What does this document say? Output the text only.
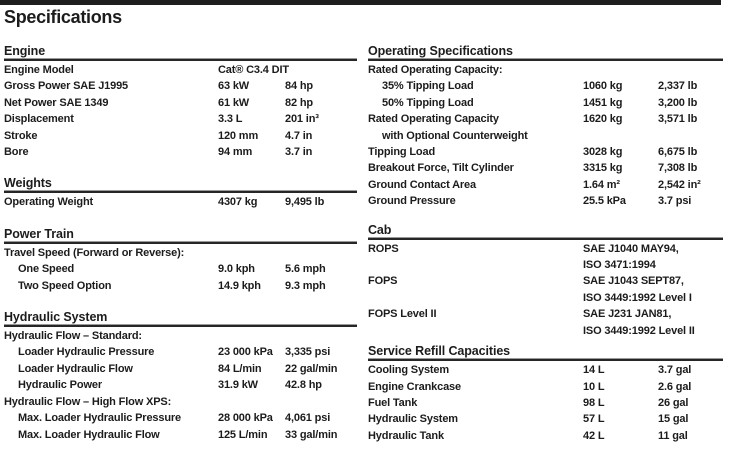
Specifications
Engine
Engine Model	Cat® C3.4 DIT
Gross Power SAE J1995	63 kW	84 hp
Net Power SAE 1349	61 kW	82 hp
Displacement	3.3 L	201 in³
Stroke	120 mm	4.7 in
Bore	94 mm	3.7 in
Weights
Operating Weight	4307 kg	9,495 lb
Power Train
Travel Speed (Forward or Reverse):
One Speed	9.0 kph	5.6 mph
Two Speed Option	14.9 kph	9.3 mph
Hydraulic System
Hydraulic Flow – Standard:
Loader Hydraulic Pressure	23 000 kPa	3,335 psi
Loader Hydraulic Flow	84 L/min	22 gal/min
Hydraulic Power	31.9 kW	42.8 hp
Hydraulic Flow – High Flow XPS:
Max. Loader Hydraulic Pressure	28 000 kPa	4,061 psi
Max. Loader Hydraulic Flow	125 L/min	33 gal/min
Operating Specifications
Rated Operating Capacity:
35% Tipping Load	1060 kg	2,337 lb
50% Tipping Load	1451 kg	3,200 lb
Rated Operating Capacity	1620 kg	3,571 lb
with Optional Counterweight
Tipping Load	3028 kg	6,675 lb
Breakout Force, Tilt Cylinder	3315 kg	7,308 lb
Ground Contact Area	1.64 m²	2,542 in²
Ground Pressure	25.5 kPa	3.7 psi
Cab
ROPS	SAE J1040 MAY94,
ISO 3471:1994
FOPS	SAE J1043 SEPT87,
ISO 3449:1992 Level I
FOPS Level II	SAE J231 JAN81,
ISO 3449:1992 Level II
Service Refill Capacities
Cooling System	14 L	3.7 gal
Engine Crankcase	10 L	2.6 gal
Fuel Tank	98 L	26 gal
Hydraulic System	57 L	15 gal
Hydraulic Tank	42 L	11 gal
